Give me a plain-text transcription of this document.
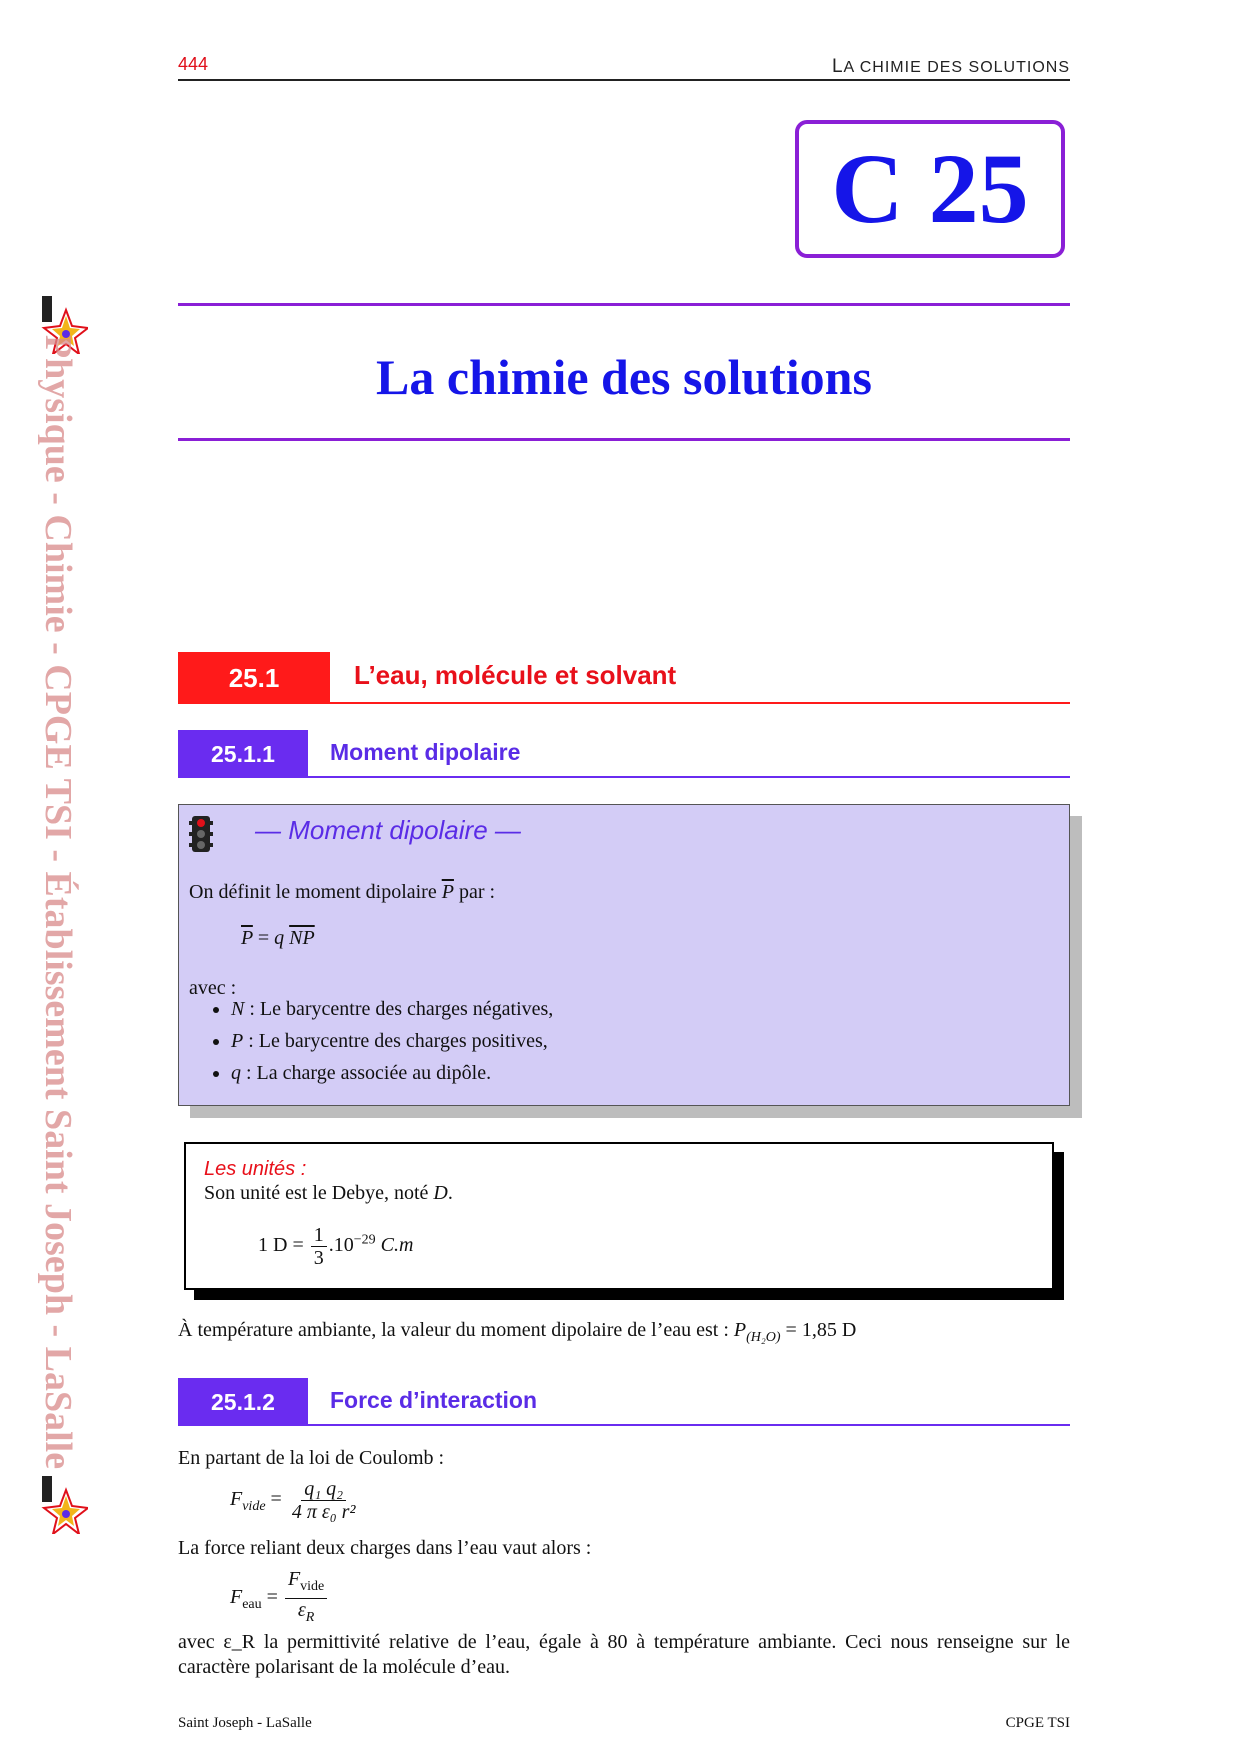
444	LA CHIMIE DES SOLUTIONS
C 25
La chimie des solutions
Physique - Chimie - CPGE TSI - Établissement Saint Joseph - LaSalle	25.1	L’eau, molécule et solvant
25.1.1	Moment dipolaire
— Moment dipolaire —
On définit le moment dipolaire $\overline{P}$ par :
$\overline{P} = q$ $\overline{NP}$
avec :
• N : Le barycentre des charges négatives,
• P : Le barycentre des charges positives,
• q : La charge associée au dipôle.
Les unités :
Son unité est le Debye, noté D.
1 $D = \frac{1}{3} .10^{-29}$ C.m
À température ambiante, la valeur du moment dipolaire de l’eau est : $P_{(H_2O)} = 1,85$ D
25.1.2	Force d’interaction
En partant de la loi de Coulomb :
$F_{vide} = \frac{\text{q₁ q₂}}{\text{4 π ε₀ r²}}$
La force reliant deux charges dans l’eau vaut alors :
$F_{eau} = \frac{F_{vide}}{\varepsilon_R}$
avec ε_R la permittivité relative de l’eau, égale à 80 à température ambiante. Ceci nous renseigne sur le caractère polarisant de la molécule d’eau.
Saint Joseph - LaSalle	CPGE TSI
